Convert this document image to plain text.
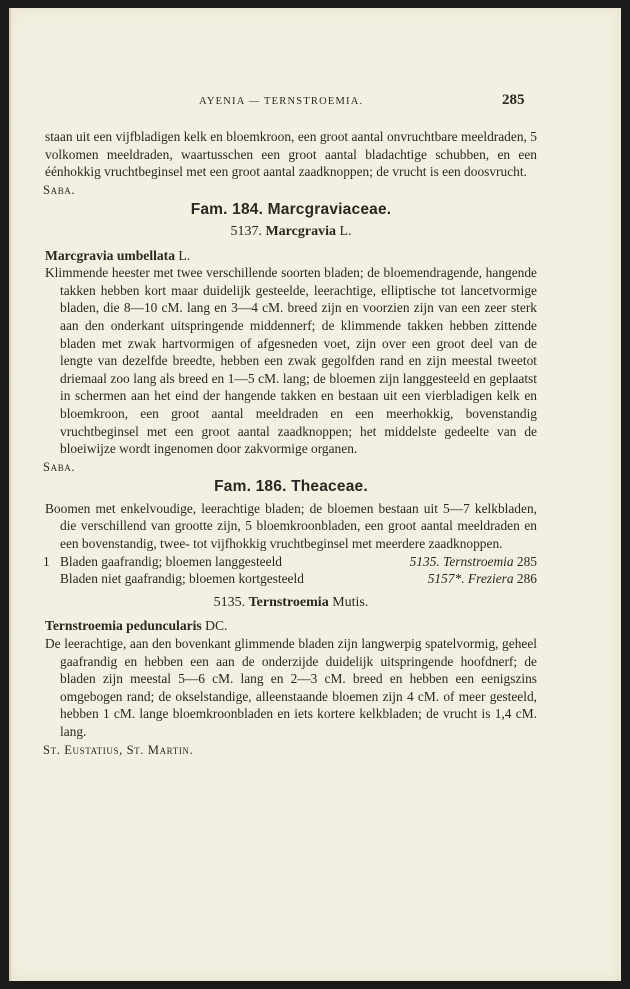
AYENIA — TERNSTROEMIA.	285

staan uit een vijfbladigen kelk en bloemkroon, een groot aantal onvruchtbare meeldraden, 5 volkomen meeldraden, waartusschen een groot aantal bladachtige schubben, en een éénhokkig vruchtbeginsel met een groot aantal zaadknoppen; de vrucht is een doosvrucht.

Saba.

Fam. 184. Marcgraviaceae.
5137. Marcgravia L.
Marcgravia umbellata L.

Klimmende heester met twee verschillende soorten bladen; de bloemendragende, hangende takken hebben kort maar duidelijk gesteelde, leerachtige, elliptische tot lancetvormige bladen, die 8—10 cM. lang en 3—4 cM. breed zijn en voorzien zijn van een zeer sterk aan den onderkant uitspringende middennerf; de klimmende takken hebben zittende bladen met zwak hartvormigen of afgesneden voet, zijn over een groot deel van de lengte van dezelfde breedte, hebben een zwak gegolfden rand en zijn meestal tweetot driemaal zoo lang als breed en 1—5 cM. lang; de bloemen zijn langgesteeld en geplaatst in schermen aan het eind der hangende takken en bestaan uit een vierbladigen kelk en bloemkroon, een groot aantal meeldraden en een meerhokkig, bovenstandig vruchtbeginsel met een groot aantal zaadknoppen; het middelste gedeelte van de bloeiwijze wordt ingenomen door zakvormige organen.

Saba.

Fam. 186. Theaceae.

Boomen met enkelvoudige, leerachtige bladen; de bloemen bestaan uit 5—7 kelkbladen, die verschillend van grootte zijn, 5 bloemkroonbladen, een groot aantal meeldraden en een bovenstandig, twee- tot vijfhokkig vruchtbeginsel met meerdere zaadknoppen.

1 Bladen gaafrandig; bloemen langgesteeld	5135. Ternstroemia 285
Bladen niet gaafrandig; bloemen kortgesteeld	5157*. Freziera 286
5135. Ternstroemia Mutis.
Ternstroemia peduncularis DC.

De leerachtige, aan den bovenkant glimmende bladen zijn langwerpig spatelvormig, geheel gaafrandig en hebben een aan de onderzijde duidelijk uitspringende hoofdnerf; de bladen zijn meestal 5—6 cM. lang en 2—3 cM. breed en hebben een eenigszins omgebogen rand; de okselstandige, alleenstaande bloemen zijn 4 cM. of meer gesteeld, hebben 1 cM. lange bloemkroonbladen en iets kortere kelkbladen; de vrucht is 1,4 cM. lang.

St. Eustatius, St. Martin.
